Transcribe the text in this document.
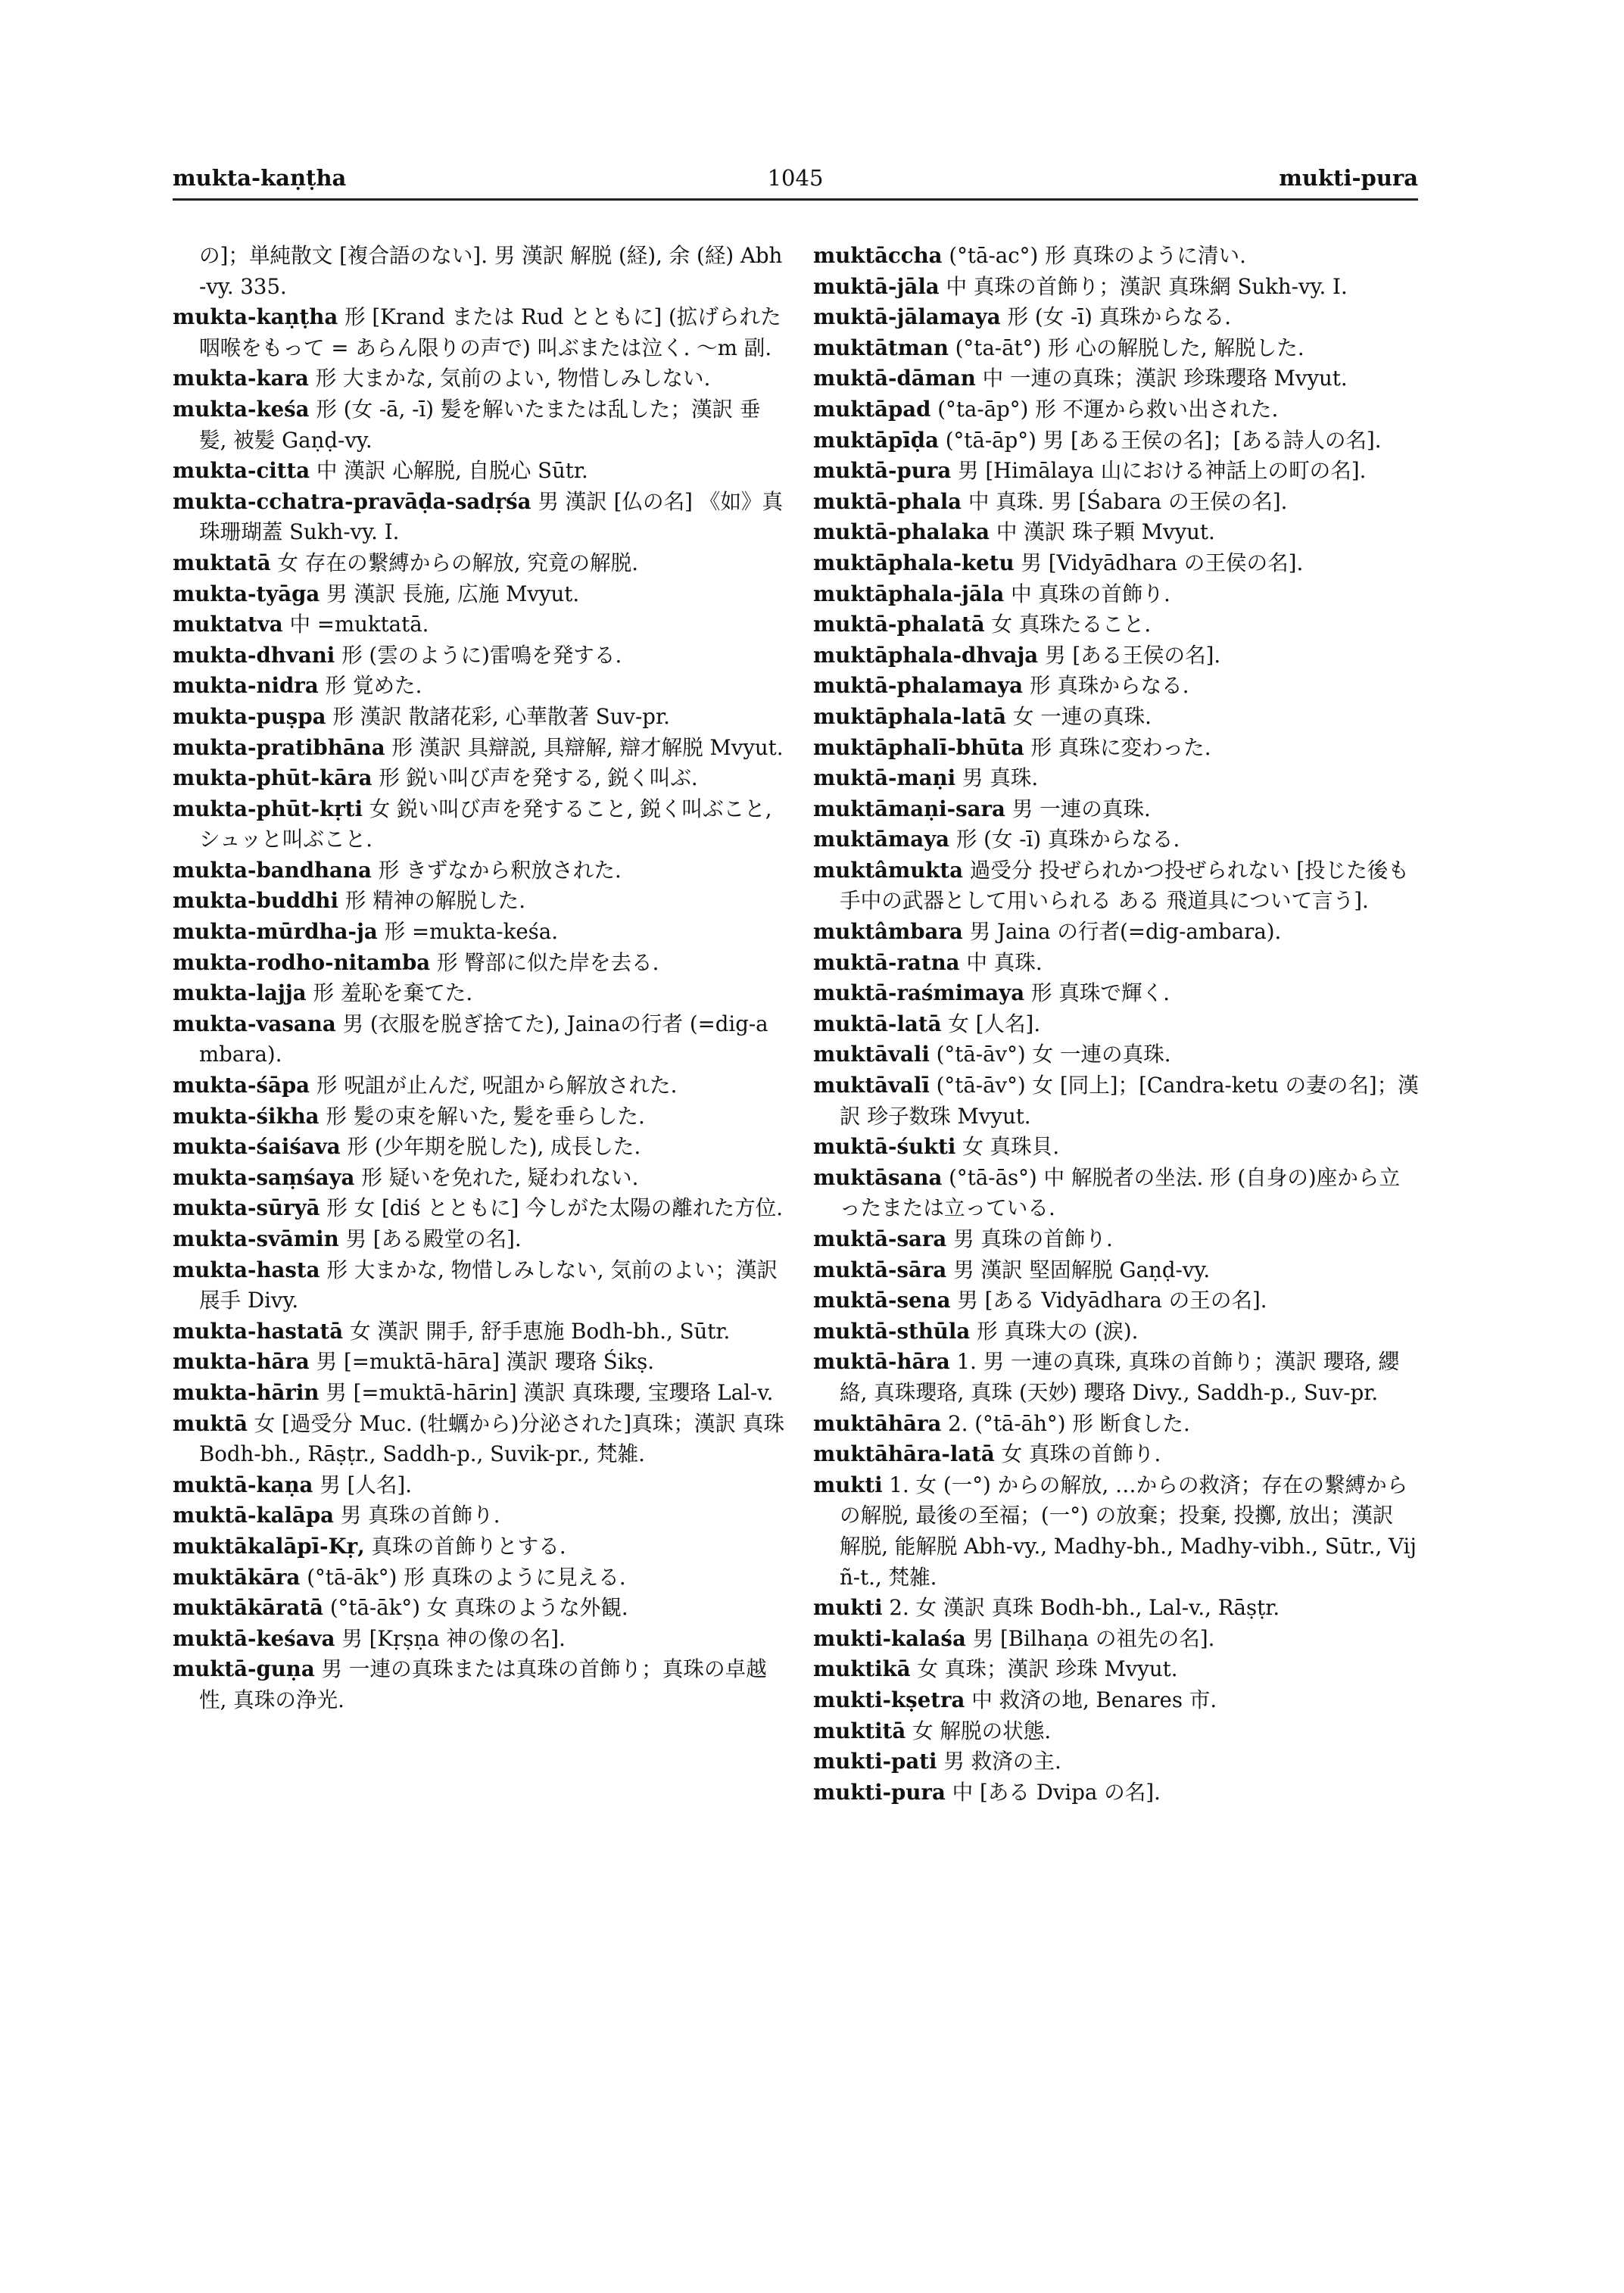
mukta-kaṇṭha	1045	mukti-pura
の]；単純散文 [複合語のない]. 男 漢訳 解脱 (経), 余 (経) Abh-vy. 335.
mukta-kaṇṭha 形 [Krand または Rud とともに] (拡げられた咽喉をもって = あらん限りの声で) 叫ぶまたは泣く. ～m 副.
mukta-kara 形 大まかな, 気前のよい, 物惜しみしない.
mukta-keśa 形 (女 -ā, -ī) 髪を解いたまたは乱した；漢訳 垂髪, 被髪 Gaṇḍ-vy.
mukta-citta 中 漢訳 心解脱, 自脱心 Sūtr.
mukta-cchatra-pravāḍa-sadṛśa 男 漢訳 [仏の名] 《如》真珠珊瑚蓋 Sukh-vy. I.
muktatā 女 存在の繋縛からの解放, 究竟の解脱.
mukta-tyāga 男 漢訳 長施, 広施 Mvyut.
muktatva 中 =muktatā.
mukta-dhvani 形 (雲のように)雷鳴を発する.
mukta-nidra 形 覚めた.
mukta-puṣpa 形 漢訳 散諸花彩, 心華散著 Suv-pr.
mukta-pratibhāna 形 漢訳 具辯説, 具辯解, 辯才解脱 Mvyut.
mukta-phūt-kāra 形 鋭い叫び声を発する, 鋭く叫ぶ.
mukta-phūt-kṛti 女 鋭い叫び声を発すること, 鋭く叫ぶこと, シュッと叫ぶこと.
mukta-bandhana 形 きずなから釈放された.
mukta-buddhi 形 精神の解脱した.
mukta-mūrdha-ja 形 =mukta-keśa.
mukta-rodho-nitamba 形 臀部に似た岸を去る.
mukta-lajja 形 羞恥を棄てた.
mukta-vasana 男 (衣服を脱ぎ捨てた), Jainaの行者 (=dig-ambara).
mukta-śāpa 形 呪詛が止んだ, 呪詛から解放された.
mukta-śikha 形 髪の束を解いた, 髪を垂らした.
mukta-śaiśava 形 (少年期を脱した), 成長した.
mukta-saṃśaya 形 疑いを免れた, 疑われない.
mukta-sūryā 形 女 [diś とともに] 今しがた太陽の離れた方位.
mukta-svāmin 男 [ある殿堂の名].
mukta-hasta 形 大まかな, 物惜しみしない, 気前のよい；漢訳 展手 Divy.
mukta-hastatā 女 漢訳 開手, 舒手恵施 Bodh-bh., Sūtr.
mukta-hāra 男 [=muktā-hāra] 漢訳 瓔珞 Śikṣ.
mukta-hārin 男 [=muktā-hārin] 漢訳 真珠瓔, 宝瓔珞 Lal-v.
muktā 女 [過受分 Muc. (牡蠣から)分泌された]真珠；漢訳 真珠 Bodh-bh., Rāṣṭr., Saddh-p., Suvik-pr., 梵雑.
muktā-kaṇa 男 [人名].
muktā-kalāpa 男 真珠の首飾り.
muktākalāpī-Kṛ, 真珠の首飾りとする.
muktākāra (°tā-āk°) 形 真珠のように見える.
muktākāratā (°tā-āk°) 女 真珠のような外観.
muktā-keśava 男 [Kṛṣṇa 神の像の名].
muktā-guṇa 男 一連の真珠または真珠の首飾り；真珠の卓越性, 真珠の浄光.
muktāccha (°tā-ac°) 形 真珠のように清い.
muktā-jāla 中 真珠の首飾り；漢訳 真珠網 Sukh-vy. I.
muktā-jālamaya 形 (女 -ī) 真珠からなる.
muktātman (°ta-āt°) 形 心の解脱した, 解脱した.
muktā-dāman 中 一連の真珠；漢訳 珍珠瓔珞 Mvyut.
muktāpad (°ta-āp°) 形 不運から救い出された.
muktāpīḍa (°tā-āp°) 男 [ある王侯の名]；[ある詩人の名].
muktā-pura 男 [Himālaya 山における神話上の町の名].
muktā-phala 中 真珠. 男 [Śabara の王侯の名].
muktā-phalaka 中 漢訳 珠子顆 Mvyut.
muktāphala-ketu 男 [Vidyādhara の王侯の名].
muktāphala-jāla 中 真珠の首飾り.
muktā-phalatā 女 真珠たること.
muktāphala-dhvaja 男 [ある王侯の名].
muktā-phalamaya 形 真珠からなる.
muktāphala-latā 女 一連の真珠.
muktāphalī-bhūta 形 真珠に変わった.
muktā-maṇi 男 真珠.
muktāmaṇi-sara 男 一連の真珠.
muktāmaya 形 (女 -ī) 真珠からなる.
muktâmukta 過受分 投ぜられかつ投ぜられない [投じた後も手中の武器として用いられる ある 飛道具について言う].
muktâmbara 男 Jaina の行者(=dig-ambara).
muktā-ratna 中 真珠.
muktā-raśmimaya 形 真珠で輝く.
muktā-latā 女 [人名].
muktāvali (°tā-āv°) 女 一連の真珠.
muktāvalī (°tā-āv°) 女 [同上]；[Candra-ketu の妻の名]；漢訳 珍子数珠 Mvyut.
muktā-śukti 女 真珠貝.
muktāsana (°tā-ās°) 中 解脱者の坐法. 形 (自身の)座から立ったまたは立っている.
muktā-sara 男 真珠の首飾り.
muktā-sāra 男 漢訳 堅固解脱 Gaṇḍ-vy.
muktā-sena 男 [ある Vidyādhara の王の名].
muktā-sthūla 形 真珠大の (涙).
muktā-hāra 1. 男 一連の真珠, 真珠の首飾り；漢訳 瓔珞, 纓絡, 真珠瓔珞, 真珠 (天妙) 瓔珞 Divy., Saddh-p., Suv-pr.
muktāhāra 2. (°tā-āh°) 形 断食した.
muktāhāra-latā 女 真珠の首飾り.
mukti 1. 女 (一°) からの解放, …からの救済；存在の繋縛からの解脱, 最後の至福；(一°) の放棄；投棄, 投擲, 放出；漢訳 解脱, 能解脱 Abh-vy., Madhy-bh., Madhy-vibh., Sūtr., Vijñ-t., 梵雑.
mukti 2. 女 漢訳 真珠 Bodh-bh., Lal-v., Rāṣṭr.
mukti-kalaśa 男 [Bilhaṇa の祖先の名].
muktikā 女 真珠；漢訳 珍珠 Mvyut.
mukti-kṣetra 中 救済の地, Benares 市.
muktitā 女 解脱の状態.
mukti-pati 男 救済の主.
mukti-pura 中 [ある Dvipa の名].
